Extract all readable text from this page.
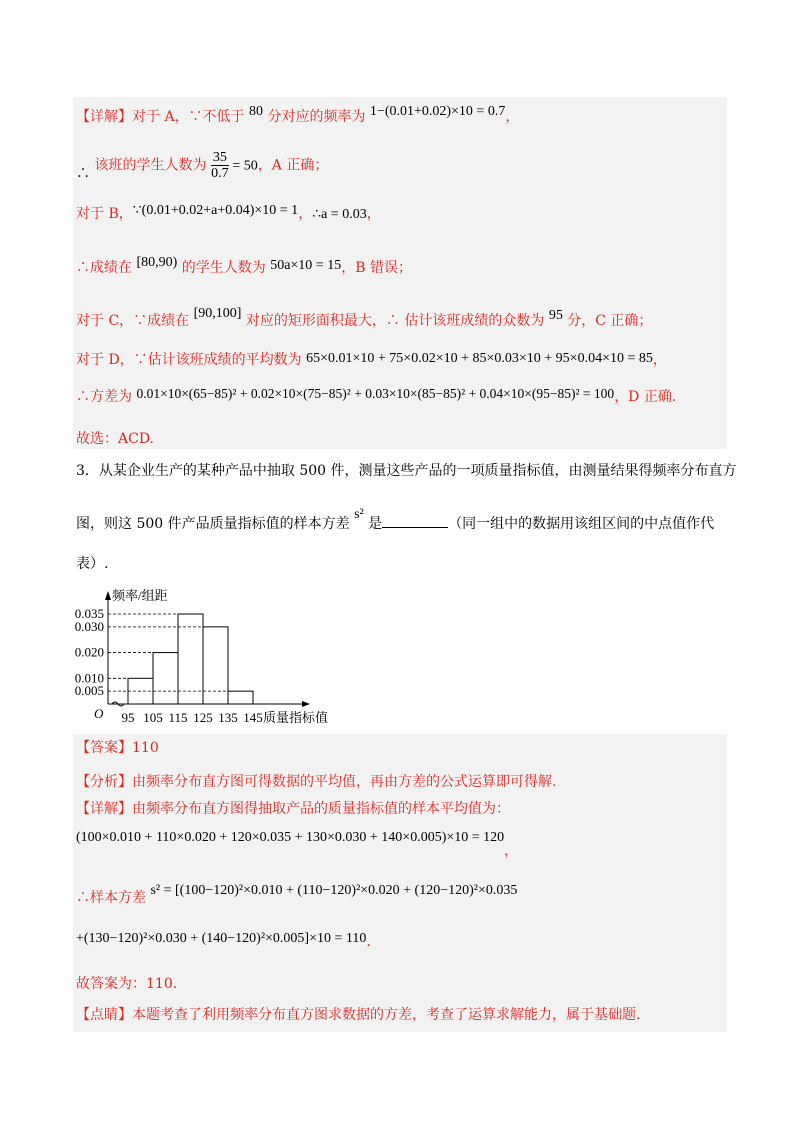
【详解】对于 A，∵不低于 80 分对应的频率为 1−(0.01+0.02)×10 = 0.7，
∴ 该班的学生人数为 $\frac{35}{0.7} = 50$，A 正确；
对于 B，∵(0.01+0.02+a+0.04)×10 = 1，∴a = 0.03，
∴成绩在 [80,90) 的学生人数为 50a×10 = 15，B 错误；
对于 C，∵成绩在 [90,100] 对应的矩形面积最大，∴ 估计该班成绩的众数为 95 分，C 正确；
对于 D，∵估计该班成绩的平均数为 65×0.01×10 + 75×0.02×10 + 85×0.03×10 + 95×0.04×10 = 85，
∴方差为 0.01×10×(65−85)² + 0.02×10×(75−85)² + 0.03×10×(85−85)² + 0.04×10×(95−85)² = 100，D 正确.
故选：ACD.
3．从某企业生产的某种产品中抽取 500 件，测量这些产品的一项质量指标值，由测量结果得频率分布直方
图，则这 500 件产品质量指标值的样本方差 s² 是	（同一组中的数据用该组区间的中点值作代
表）.
0.035
0.030
0.020
0.010
0.005
95 105 115 125 135 145 质量指标值
频率/组距
O
【答案】110
【分析】由频率分布直方图可得数据的平均值，再由方差的公式运算即可得解.
【详解】由频率分布直方图得抽取产品的质量指标值的样本平均值为：
(100×0.010 + 110×0.020 + 120×0.035 + 130×0.030 + 140×0.005)×10 = 120，
∴样本方差 s² = [(100−120)²×0.010 + (110−120)²×0.020 + (120−120)²×0.035
+(130−120)²×0.030 + (140−120)²×0.005]×10 = 110.
故答案为：110.
【点睛】本题考查了利用频率分布直方图求数据的方差，考查了运算求解能力，属于基础题.
